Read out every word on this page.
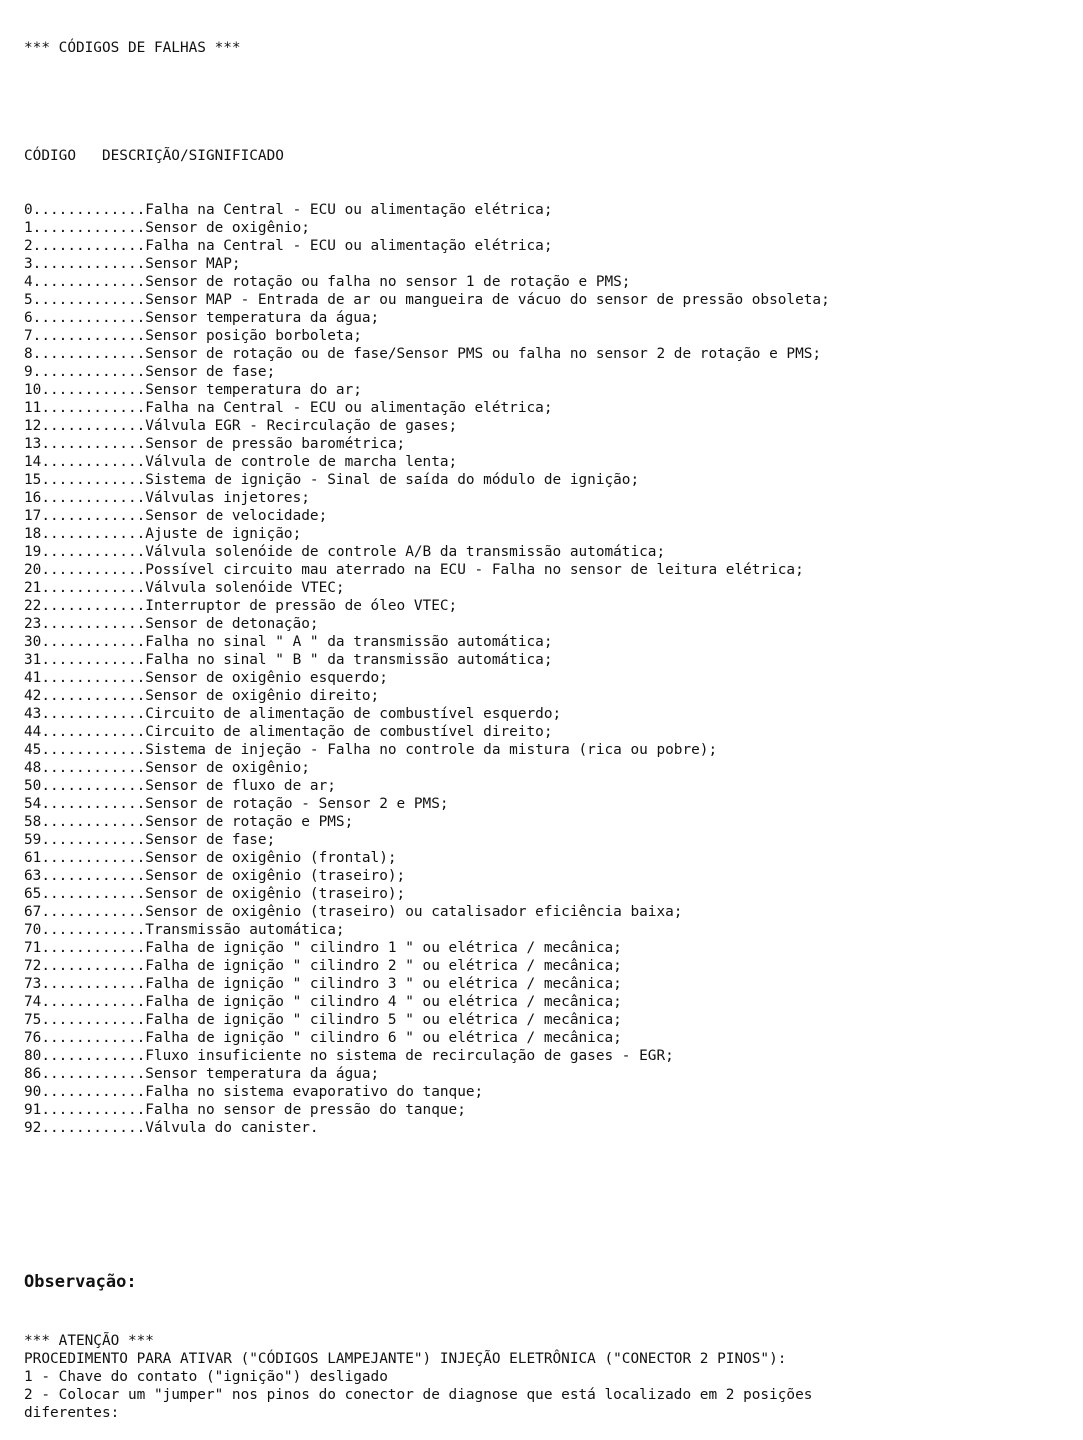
*** CÓDIGOS DE FALHAS ***

CÓDIGO   DESCRIÇÃO/SIGNIFICADO

0.............Falha na Central - ECU ou alimentação elétrica;
1.............Sensor de oxigênio;
2.............Falha na Central - ECU ou alimentação elétrica;
3.............Sensor MAP;
4.............Sensor de rotação ou falha no sensor 1 de rotação e PMS;
5.............Sensor MAP - Entrada de ar ou mangueira de vácuo do sensor de pressão obsoleta;
6.............Sensor temperatura da água;
7.............Sensor posição borboleta;
8.............Sensor de rotação ou de fase/Sensor PMS ou falha no sensor 2 de rotação e PMS;
9.............Sensor de fase;
10............Sensor temperatura do ar;
11............Falha na Central - ECU ou alimentação elétrica;
12............Válvula EGR - Recirculação de gases;
13............Sensor de pressão barométrica;
14............Válvula de controle de marcha lenta;
15............Sistema de ignição - Sinal de saída do módulo de ignição;
16............Válvulas injetores;
17............Sensor de velocidade;
18............Ajuste de ignição;
19............Válvula solenóide de controle A/B da transmissão automática;
20............Possível circuito mau aterrado na ECU - Falha no sensor de leitura elétrica;
21............Válvula solenóide VTEC;
22............Interruptor de pressão de óleo VTEC;
23............Sensor de detonação;
30............Falha no sinal " A " da transmissão automática;
31............Falha no sinal " B " da transmissão automática;
41............Sensor de oxigênio esquerdo;
42............Sensor de oxigênio direito;
43............Circuito de alimentação de combustível esquerdo;
44............Circuito de alimentação de combustível direito;
45............Sistema de injeção - Falha no controle da mistura (rica ou pobre);
48............Sensor de oxigênio;
50............Sensor de fluxo de ar;
54............Sensor de rotação - Sensor 2 e PMS;
58............Sensor de rotação e PMS;
59............Sensor de fase;
61............Sensor de oxigênio (frontal);
63............Sensor de oxigênio (traseiro);
65............Sensor de oxigênio (traseiro);
67............Sensor de oxigênio (traseiro) ou catalisador eficiência baixa;
70............Transmissão automática;
71............Falha de ignição " cilindro 1 " ou elétrica / mecânica;
72............Falha de ignição " cilindro 2 " ou elétrica / mecânica;
73............Falha de ignição " cilindro 3 " ou elétrica / mecânica;
74............Falha de ignição " cilindro 4 " ou elétrica / mecânica;
75............Falha de ignição " cilindro 5 " ou elétrica / mecânica;
76............Falha de ignição " cilindro 6 " ou elétrica / mecânica;
80............Fluxo insuficiente no sistema de recirculação de gases - EGR;
86............Sensor temperatura da água;
90............Falha no sistema evaporativo do tanque;
91............Falha no sensor de pressão do tanque;
92............Válvula do canister.

Observação:

*** ATENÇÃO ***
PROCEDIMENTO PARA ATIVAR ("CÓDIGOS LAMPEJANTE") INJEÇÃO ELETRÔNICA ("CONECTOR 2 PINOS"):
1 - Chave do contato ("ignição") desligado
2 - Colocar um "jumper" nos pinos do conector de diagnose que está localizado em 2 posições
diferentes:
